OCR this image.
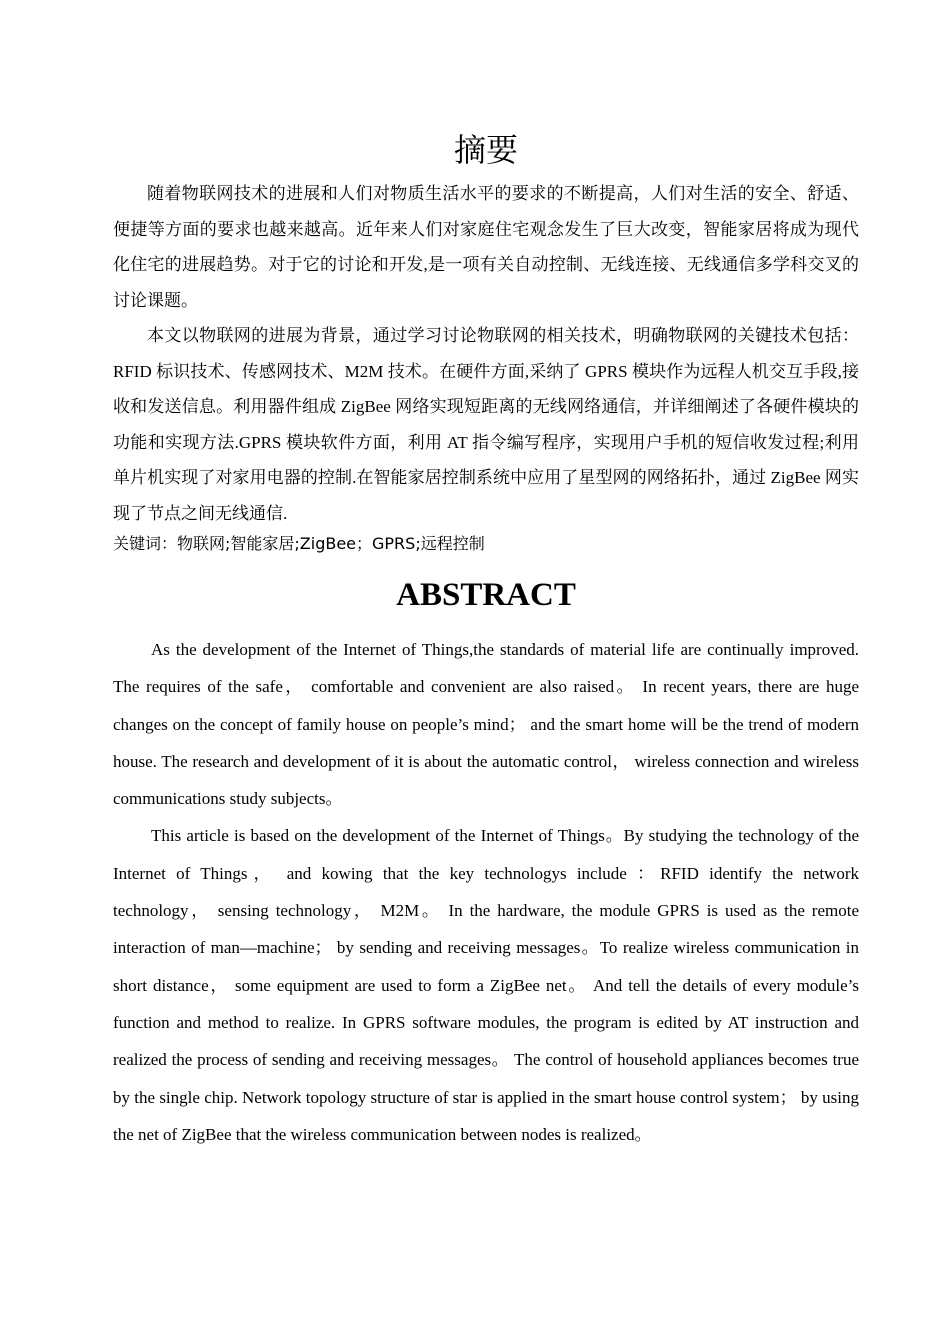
摘要

随着物联网技术的进展和人们对物质生活水平的要求的不断提高，人们对生活的安全、舒适、便捷等方面的要求也越来越高。近年来人们对家庭住宅观念发生了巨大改变，智能家居将成为现代化住宅的进展趋势。对于它的讨论和开发,是一项有关自动控制、无线连接、无线通信多学科交叉的讨论课题。

本文以物联网的进展为背景，通过学习讨论物联网的相关技术，明确物联网的关键技术包括：RFID 标识技术、传感网技术、M2M 技术。在硬件方面,采纳了 GPRS 模块作为远程人机交互手段,接收和发送信息。利用器件组成 ZigBee 网络实现短距离的无线网络通信，并详细阐述了各硬件模块的功能和实现方法.GPRS 模块软件方面，利用 AT 指令编写程序，实现用户手机的短信收发过程;利用单片机实现了对家用电器的控制.在智能家居控制系统中应用了星型网的网络拓扑，通过 ZigBee 网实现了节点之间无线通信.

关键词：物联网;智能家居;ZigBee；GPRS;远程控制

ABSTRACT

As the development of the Internet of Things,the standards of material life are continually improved. The requires of the safe， comfortable and convenient are also raised。 In recent years, there are huge changes on the concept of family house on people’s mind； and the smart home will be the trend of modern house. The research and development of it is about the automatic control， wireless connection and wireless communications study subjects。

This article is based on the development of the Internet of Things。By studying the technology of the Internet of Things， and kowing that the key technologys include ：RFID identify the network technology， sensing technology， M2M。 In the hardware, the module GPRS is used as the remote interaction of man—machine； by sending and receiving messages。To realize wireless communication in short distance， some equipment are used to form a ZigBee net。 And tell the details of every module’s function and method to realize. In GPRS software modules, the program is edited by AT instruction and realized the process of sending and receiving messages。 The control of household appliances becomes true by the single chip. Network topology structure of star is applied in the smart house control system； by using the net of ZigBee that the wireless communication between nodes is realized。
